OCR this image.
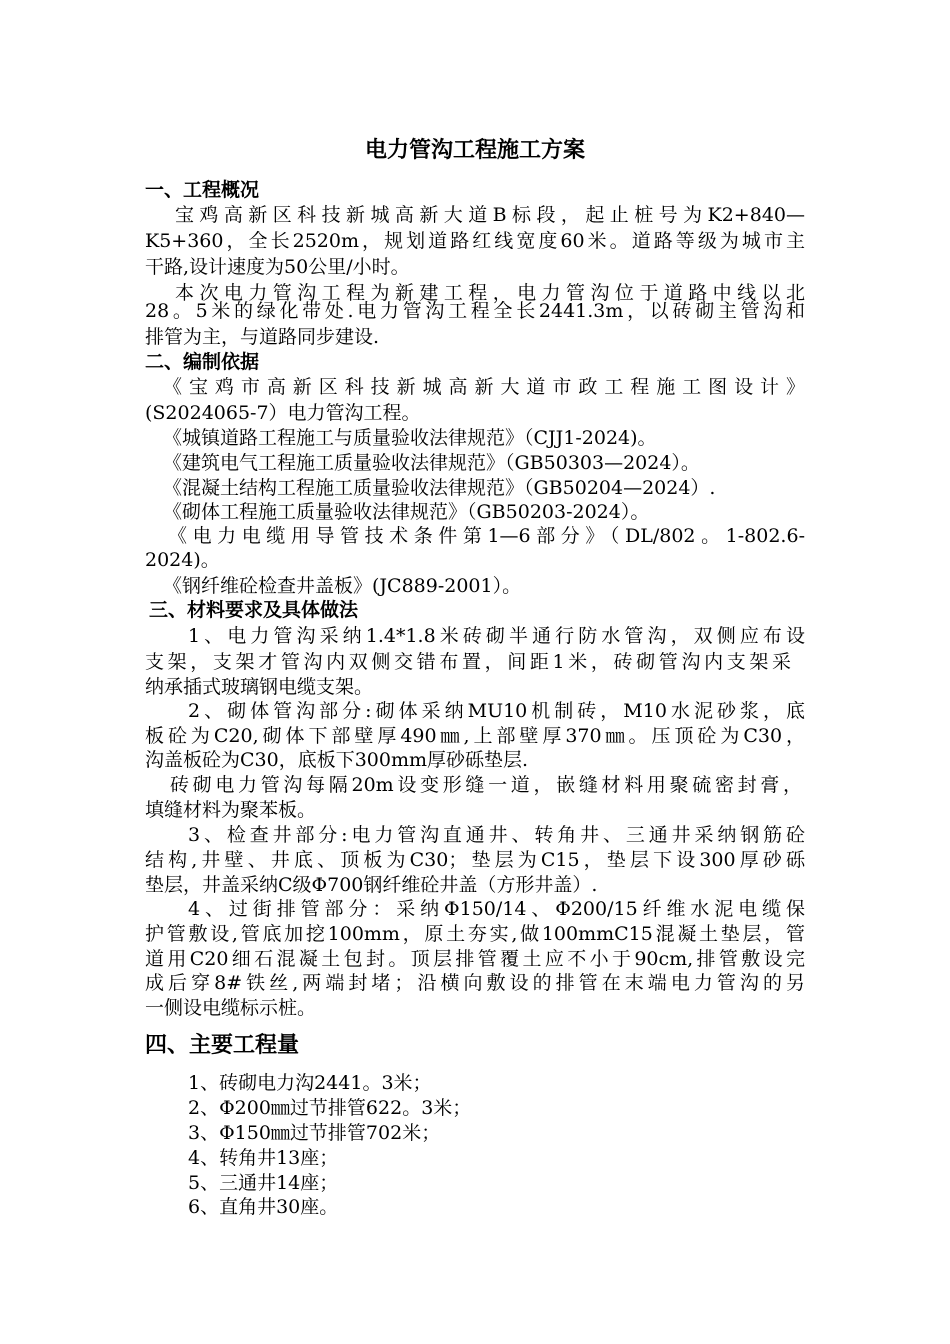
电力管沟工程施工方案
一、工程概况
宝鸡高新区科技新城高新大道B标段，起止桩号为K2+840—
K5+360，全长2520m，规划道路红线宽度60米。道路等级为城市主
干路,设计速度为50公里/小时。
本次电力管沟工程为新建工程，电力管沟位于道路中线以北
28。5米的绿化带处.电力管沟工程全长2441.3m，以砖砌主管沟和
排管为主，与道路同步建设.
二、编制依据
《宝鸡市高新区科技新城高新大道市政工程施工图设计》
(S2024065-7）电力管沟工程。
《城镇道路工程施工与质量验收法律规范》（CJJ1-2024)。
《建筑电气工程施工质量验收法律规范》（GB50303—2024）。
《混凝土结构工程施工质量验收法律规范》（GB50204—2024）.
《砌体工程施工质量验收法律规范》（GB50203-2024）。
《电力电缆用导管技术条件第1—6部分》（DL/802。1-802.6-
2024)。
《钢纤维砼检查井盖板》(JC889-2001）。
三、材料要求及具体做法
1、电力管沟采纳1.4*1.8米砖砌半通行防水管沟，双侧应布设
支架，支架才管沟内双侧交错布置，间距1米，砖砌管沟内支架采
纳承插式玻璃钢电缆支架。
2、砌体管沟部分:砌体采纳MU10机制砖，M10水泥砂浆，底
板砼为C20,砌体下部壁厚490㎜,上部壁厚370㎜。压顶砼为C30，
沟盖板砼为C30，底板下300mm厚砂砾垫层.
砖砌电力管沟每隔20m设变形缝一道，嵌缝材料用聚硫密封膏，
填缝材料为聚苯板。
3、检查井部分:电力管沟直通井、转角井、三通井采纳钢筋砼
结构,井壁、井底、顶板为C30；垫层为C15，垫层下设300厚砂砾
垫层，井盖采纳C级Φ700钢纤维砼井盖（方形井盖）.
4、过街排管部分：采纳Φ150/14、Φ200/15纤维水泥电缆保
护管敷设,管底加挖100mm，原土夯实,做100mmC15混凝土垫层，管
道用C20细石混凝土包封。顶层排管覆土应不小于90cm,排管敷设完
成后穿8#铁丝,两端封堵；沿横向敷设的排管在末端电力管沟的另
一侧设电缆标示桩。
四、主要工程量
1、砖砌电力沟2441。3米；
2、Φ200㎜过节排管622。3米；
3、Φ150㎜过节排管702米；
4、转角井13座；
5、三通井14座；
6、直角井30座。
